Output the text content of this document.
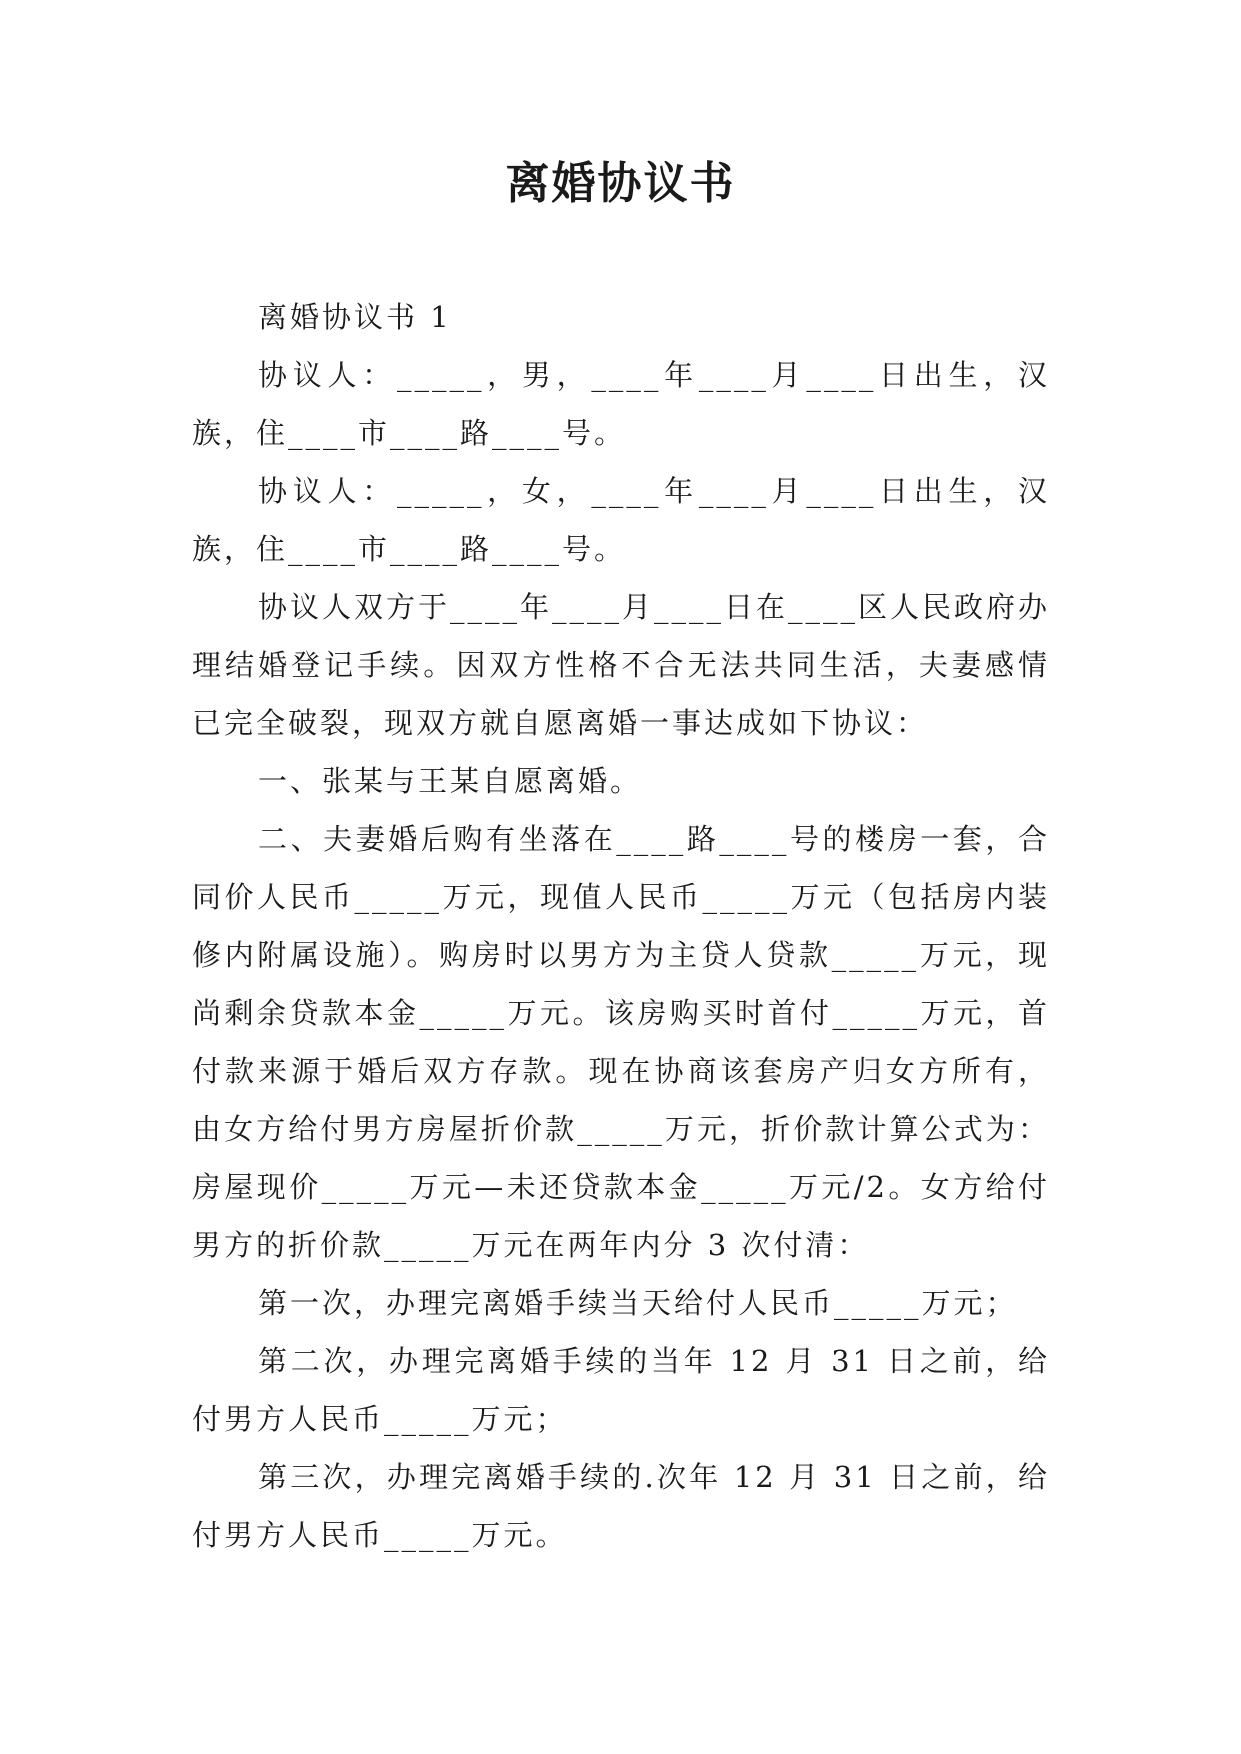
离婚协议书

离婚协议书 1

协议人：_____，男，____年____月____日出生，汉族，住____市____路____号。

协议人：_____，女，____年____月____日出生，汉族，住____市____路____号。

协议人双方于____年____月____日在____区人民政府办理结婚登记手续。因双方性格不合无法共同生活，夫妻感情已完全破裂，现双方就自愿离婚一事达成如下协议：

一、张某与王某自愿离婚。

二、夫妻婚后购有坐落在____路____号的楼房一套，合同价人民币_____万元，现值人民币_____万元（包括房内装修内附属设施）。购房时以男方为主贷人贷款_____万元，现尚剩余贷款本金_____万元。该房购买时首付_____万元，首付款来源于婚后双方存款。现在协商该套房产归女方所有，由女方给付男方房屋折价款_____万元，折价款计算公式为：房屋现价_____万元—未还贷款本金_____万元/2。女方给付男方的折价款_____万元在两年内分 3 次付清：

第一次，办理完离婚手续当天给付人民币_____万元；

第二次，办理完离婚手续的当年 12 月 31 日之前，给付男方人民币_____万元；

第三次，办理完离婚手续的.次年 12 月 31 日之前，给付男方人民币_____万元。
